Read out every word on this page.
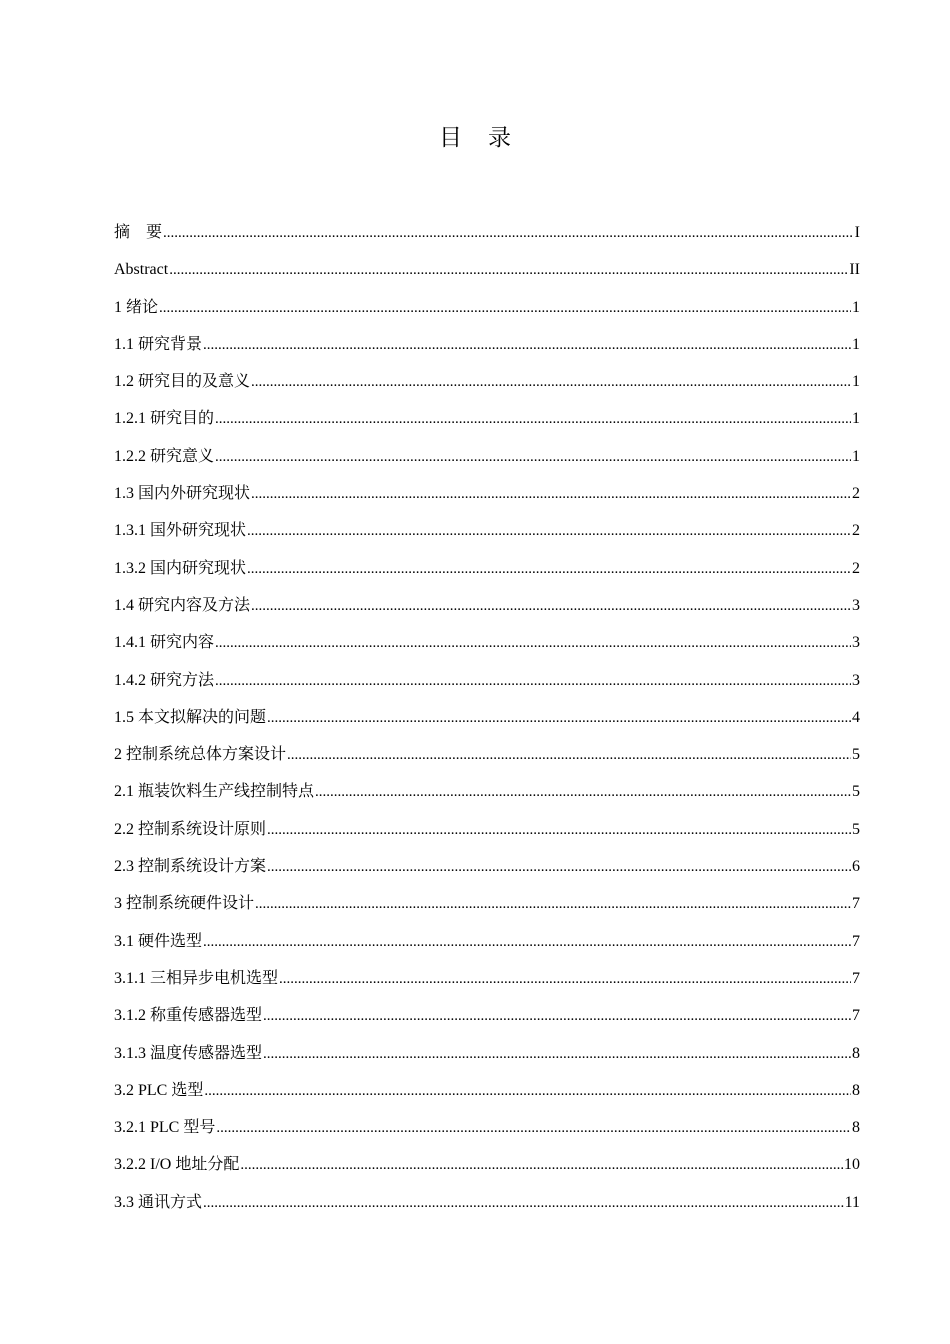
目录
摘　要 .....	I
Abstract .....	II
1 绪论 .....	1
1.1 研究背景 .....	1
1.2 研究目的及意义 .....	1
1.2.1 研究目的 .....	1
1.2.2 研究意义 .....	1
1.3 国内外研究现状 .....	2
1.3.1 国外研究现状 .....	2
1.3.2 国内研究现状 .....	2
1.4 研究内容及方法 .....	3
1.4.1 研究内容 .....	3
1.4.2 研究方法 .....	3
1.5 本文拟解决的问题 .....	4
2 控制系统总体方案设计 .....	5
2.1 瓶装饮料生产线控制特点 .....	5
2.2 控制系统设计原则 .....	5
2.3 控制系统设计方案 .....	6
3 控制系统硬件设计 .....	7
3.1 硬件选型 .....	7
3.1.1 三相异步电机选型 .....	7
3.1.2 称重传感器选型 .....	7
3.1.3 温度传感器选型 .....	8
3.2 PLC 选型 .....	8
3.2.1 PLC 型号 .....	8
3.2.2 I/O 地址分配 .....	10
3.3 通讯方式 .....	11
